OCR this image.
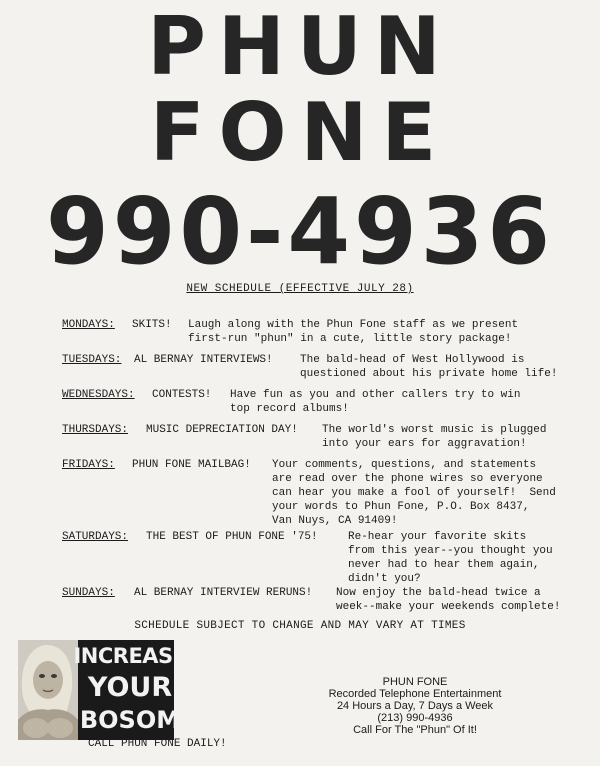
PHUN
FONE
990-4936
NEW SCHEDULE (EFFECTIVE JULY 28)
MONDAYS: SKITS! Laugh along with the Phun Fone staff as we present
first-run "phun" in a cute, little story package!
TUESDAYS: AL BERNAY INTERVIEWS! The bald-head of West Hollywood is
questioned about his private home life!
WEDNESDAYS: CONTESTS! Have fun as you and other callers try to win
top record albums!
THURSDAYS: MUSIC DEPRECIATION DAY! The world's worst music is plugged
into your ears for aggravation!
FRIDAYS: PHUN FONE MAILBAG! Your comments, questions, and statements
are read over the phone wires so everyone
can hear you make a fool of yourself!  Send
your words to Phun Fone, P.O. Box 8437,
Van Nuys, CA 91409!
SATURDAYS: THE BEST OF PHUN FONE '75!	Re-hear your favorite skits
from this year--you thought you
never had to hear them again,
didn't you?
SUNDAYS: AL BERNAY INTERVIEW RERUNS! Now enjoy the bald-head twice a
week--make your weekends complete!
SCHEDULE SUBJECT TO CHANGE AND MAY VARY AT TIMES
INCREASE
YOUR
BOSOM
CALL PHUN FONE DAILY!
PHUN FONE
Recorded Telephone Entertainment
24 Hours a Day, 7 Days a Week
(213) 990-4936
Call For The "Phun" Of It!
